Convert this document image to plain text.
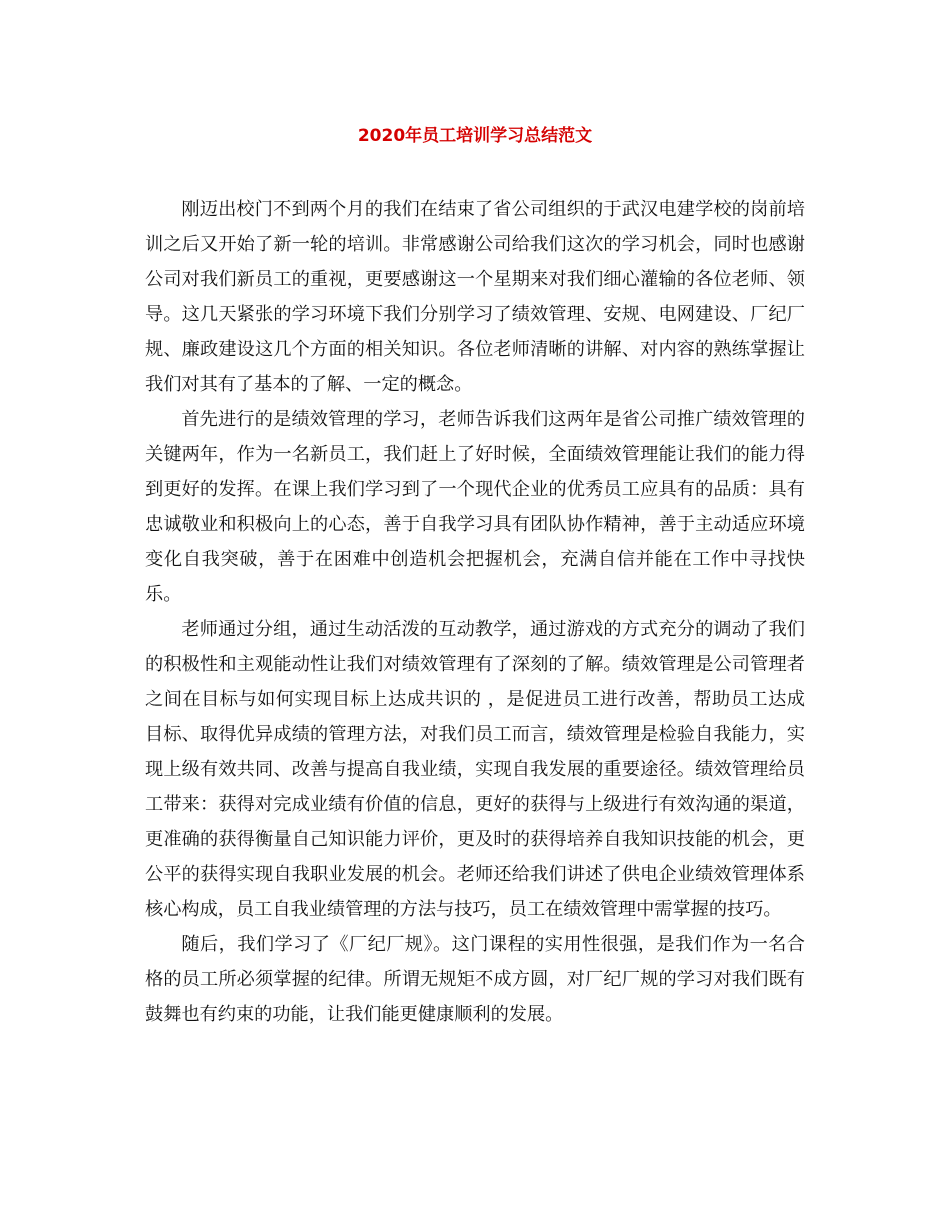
2020年员工培训学习总结范文

刚迈出校门不到两个月的我们在结束了省公司组织的于武汉电建学校的岗前培训之后又开始了新一轮的培训。非常感谢公司给我们这次的学习机会，同时也感谢公司对我们新员工的重视，更要感谢这一个星期来对我们细心灌输的各位老师、领导。这几天紧张的学习环境下我们分别学习了绩效管理、安规、电网建设、厂纪厂规、廉政建设这几个方面的相关知识。各位老师清晰的讲解、对内容的熟练掌握让我们对其有了基本的了解、一定的概念。

首先进行的是绩效管理的学习，老师告诉我们这两年是省公司推广绩效管理的关键两年，作为一名新员工，我们赶上了好时候，全面绩效管理能让我们的能力得到更好的发挥。在课上我们学习到了一个现代企业的优秀员工应具有的品质：具有忠诚敬业和积极向上的心态，善于自我学习具有团队协作精神，善于主动适应环境变化自我突破，善于在困难中创造机会把握机会，充满自信并能在工作中寻找快乐。

老师通过分组，通过生动活泼的互动教学，通过游戏的方式充分的调动了我们的积极性和主观能动性让我们对绩效管理有了深刻的了解。绩效管理是公司管理者之间在目标与如何实现目标上达成共识的 ，是促进员工进行改善，帮助员工达成目标、取得优异成绩的管理方法，对我们员工而言，绩效管理是检验自我能力，实现上级有效共同、改善与提高自我业绩，实现自我发展的重要途径。绩效管理给员工带来：获得对完成业绩有价值的信息，更好的获得与上级进行有效沟通的渠道，更准确的获得衡量自己知识能力评价，更及时的获得培养自我知识技能的机会，更公平的获得实现自我职业发展的机会。老师还给我们讲述了供电企业绩效管理体系核心构成，员工自我业绩管理的方法与技巧，员工在绩效管理中需掌握的技巧。

随后，我们学习了《厂纪厂规》。这门课程的实用性很强，是我们作为一名合格的员工所必须掌握的纪律。所谓无规矩不成方圆，对厂纪厂规的学习对我们既有鼓舞也有约束的功能，让我们能更健康顺利的发展。
